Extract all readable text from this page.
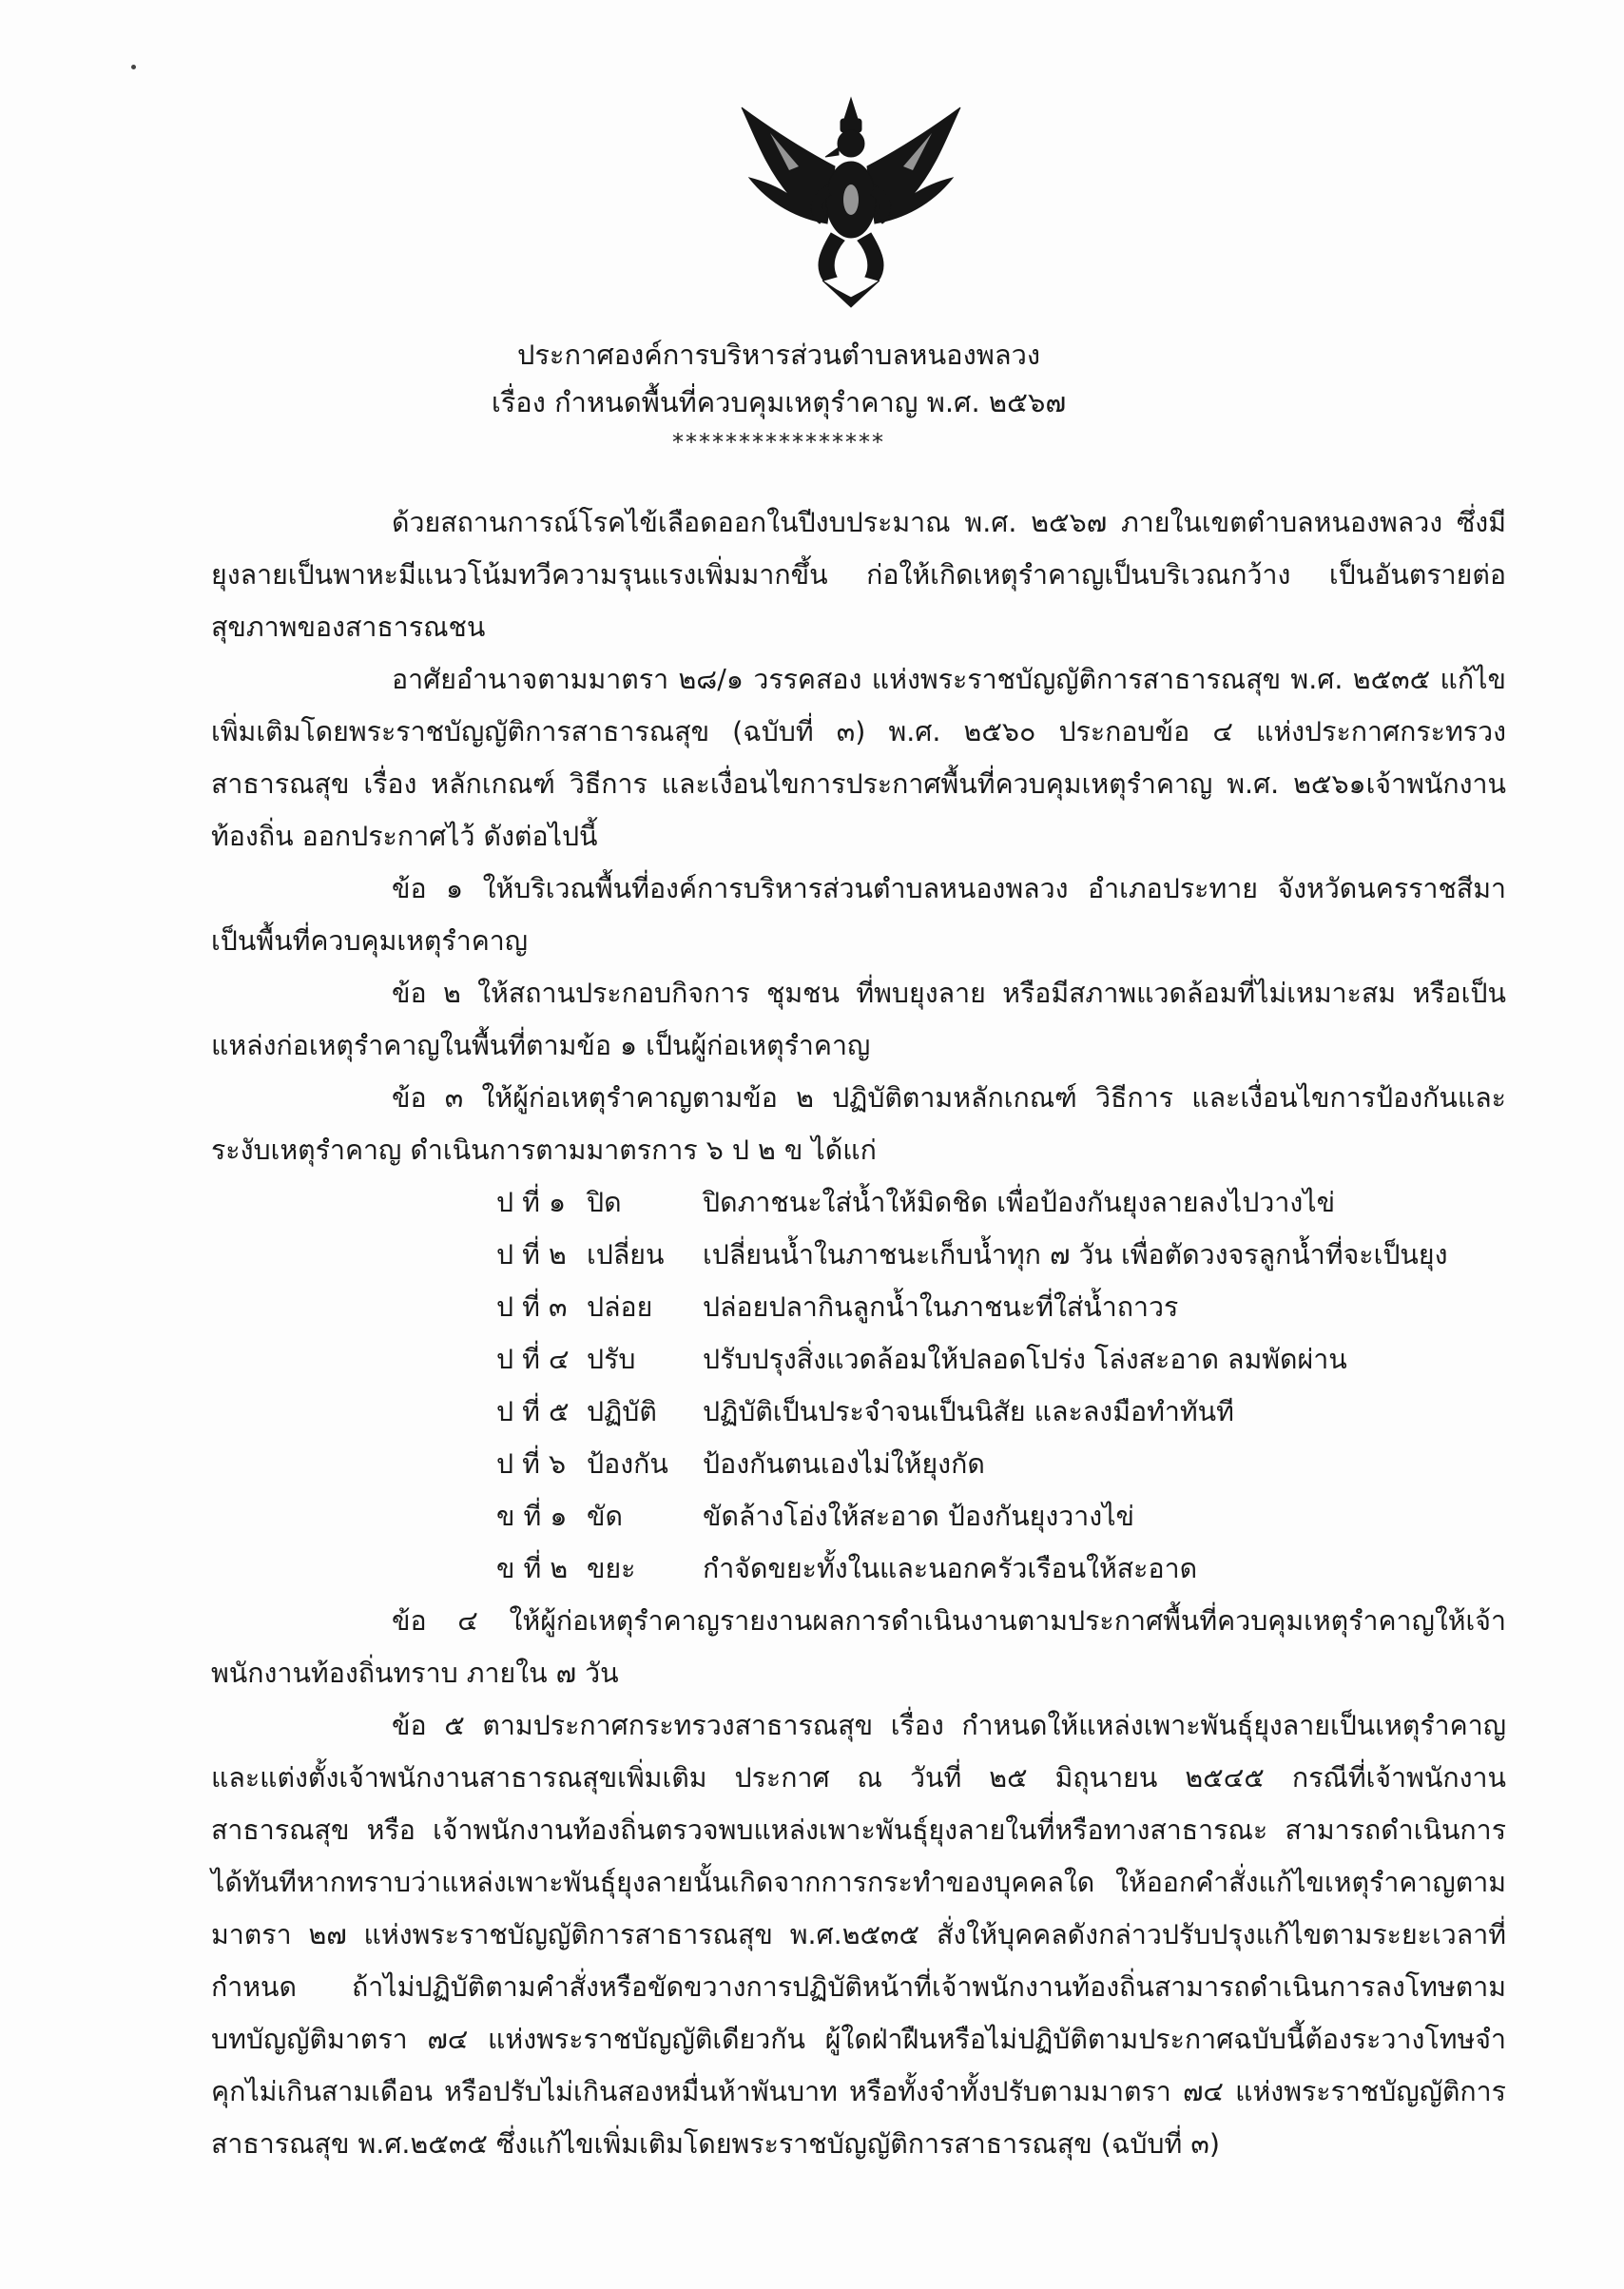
ประกาศองค์การบริหารส่วนตำบลหนองพลวง
เรื่อง กำหนดพื้นที่ควบคุมเหตุรำคาญ พ.ศ. ๒๕๖๗
****************

ด้วยสถานการณ์โรคไข้เลือดออกในปีงบประมาณ พ.ศ. ๒๕๖๗ ภายในเขตตำบลหนองพลวง ซึ่งมียุงลายเป็นพาหะมีแนวโน้มทวีความรุนแรงเพิ่มมากขึ้น ก่อให้เกิดเหตุรำคาญเป็นบริเวณกว้าง เป็นอันตรายต่อสุขภาพของสาธารณชน

อาศัยอำนาจตามมาตรา ๒๘/๑ วรรคสอง แห่งพระราชบัญญัติการสาธารณสุข พ.ศ. ๒๕๓๕ แก้ไขเพิ่มเติมโดยพระราชบัญญัติการสาธารณสุข (ฉบับที่ ๓) พ.ศ. ๒๕๖๐ ประกอบข้อ ๔ แห่งประกาศกระทรวงสาธารณสุข เรื่อง หลักเกณฑ์ วิธีการ และเงื่อนไขการประกาศพื้นที่ควบคุมเหตุรำคาญ พ.ศ. ๒๕๖๑เจ้าพนักงานท้องถิ่น ออกประกาศไว้ ดังต่อไปนี้

ข้อ ๑ ให้บริเวณพื้นที่องค์การบริหารส่วนตำบลหนองพลวง อำเภอประทาย จังหวัดนครราชสีมา เป็นพื้นที่ควบคุมเหตุรำคาญ

ข้อ ๒ ให้สถานประกอบกิจการ ชุมชน ที่พบยุงลาย หรือมีสภาพแวดล้อมที่ไม่เหมาะสม หรือเป็นแหล่งก่อเหตุรำคาญในพื้นที่ตามข้อ ๑ เป็นผู้ก่อเหตุรำคาญ

ข้อ ๓ ให้ผู้ก่อเหตุรำคาญตามข้อ ๒ ปฏิบัติตามหลักเกณฑ์ วิธีการ และเงื่อนไขการป้องกันและระงับเหตุรำคาญ ดำเนินการตามมาตรการ ๖ ป ๒ ข ได้แก่

ป ที่ ๑ ปิด	ปิดภาชนะใส่น้ำให้มิดชิด เพื่อป้องกันยุงลายลงไปวางไข่
ป ที่ ๒ เปลี่ยน	เปลี่ยนน้ำในภาชนะเก็บน้ำทุก ๗ วัน เพื่อตัดวงจรลูกน้ำที่จะเป็นยุง
ป ที่ ๓ ปล่อย	ปล่อยปลากินลูกน้ำในภาชนะที่ใส่น้ำถาวร
ป ที่ ๔ ปรับ	ปรับปรุงสิ่งแวดล้อมให้ปลอดโปร่ง โล่งสะอาด ลมพัดผ่าน
ป ที่ ๕ ปฏิบัติ	ปฏิบัติเป็นประจำจนเป็นนิสัย และลงมือทำทันที
ป ที่ ๖ ป้องกัน	ป้องกันตนเองไม่ให้ยุงกัด
ข ที่ ๑ ขัด	ขัดล้างโอ่งให้สะอาด ป้องกันยุงวางไข่
ข ที่ ๒ ขยะ	กำจัดขยะทั้งในและนอกครัวเรือนให้สะอาด

ข้อ ๔ ให้ผู้ก่อเหตุรำคาญรายงานผลการดำเนินงานตามประกาศพื้นที่ควบคุมเหตุรำคาญให้เจ้าพนักงานท้องถิ่นทราบ ภายใน ๗ วัน

ข้อ ๕ ตามประกาศกระทรวงสาธารณสุข เรื่อง กำหนดให้แหล่งเพาะพันธุ์ยุงลายเป็นเหตุรำคาญและแต่งตั้งเจ้าพนักงานสาธารณสุขเพิ่มเติม ประกาศ ณ วันที่ ๒๕ มิถุนายน ๒๕๔๕ กรณีที่เจ้าพนักงานสาธารณสุข หรือ เจ้าพนักงานท้องถิ่นตรวจพบแหล่งเพาะพันธุ์ยุงลายในที่หรือทางสาธารณะ สามารถดำเนินการได้ทันทีหากทราบว่าแหล่งเพาะพันธุ์ยุงลายนั้นเกิดจากการกระทำของบุคคลใด ให้ออกคำสั่งแก้ไขเหตุรำคาญตาม มาตรา ๒๗ แห่งพระราชบัญญัติการสาธารณสุข พ.ศ.๒๕๓๕ สั่งให้บุคคลดังกล่าวปรับปรุงแก้ไขตามระยะเวลาที่กำหนด ถ้าไม่ปฏิบัติตามคำสั่งหรือขัดขวางการปฏิบัติหน้าที่เจ้าพนักงานท้องถิ่นสามารถดำเนินการลงโทษตามบทบัญญัติมาตรา ๗๔ แห่งพระราชบัญญัติเดียวกัน ผู้ใดฝ่าฝืนหรือไม่ปฏิบัติตามประกาศฉบับนี้ต้องระวางโทษจำคุกไม่เกินสามเดือน หรือปรับไม่เกินสองหมื่นห้าพันบาท หรือทั้งจำทั้งปรับตามมาตรา ๗๔ แห่งพระราชบัญญัติการสาธารณสุข พ.ศ.๒๕๓๕ ซึ่งแก้ไขเพิ่มเติมโดยพระราชบัญญัติการสาธารณสุข (ฉบับที่ ๓)
